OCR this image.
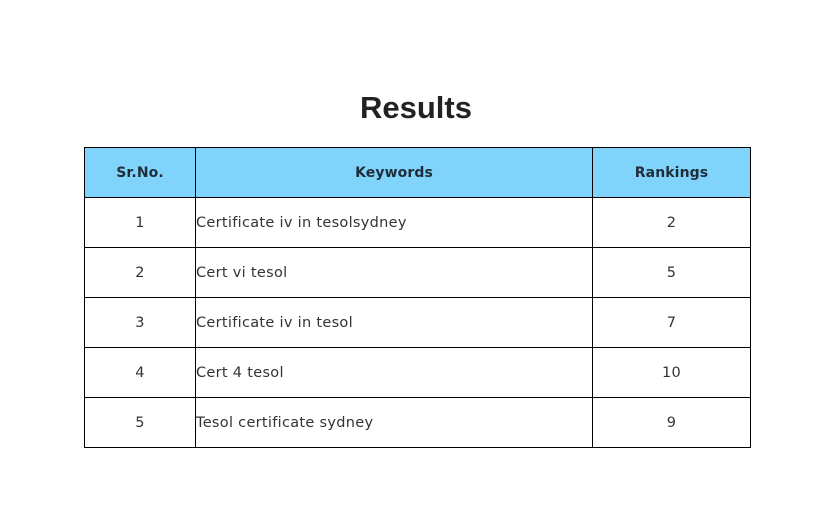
Results
Sr.No.	Keywords	Rankings
1	Certificate iv in tesolsydney	2
2	Cert vi tesol	5
3	Certificate iv in tesol	7
4	Cert 4 tesol	10
5	Tesol certificate sydney	9
